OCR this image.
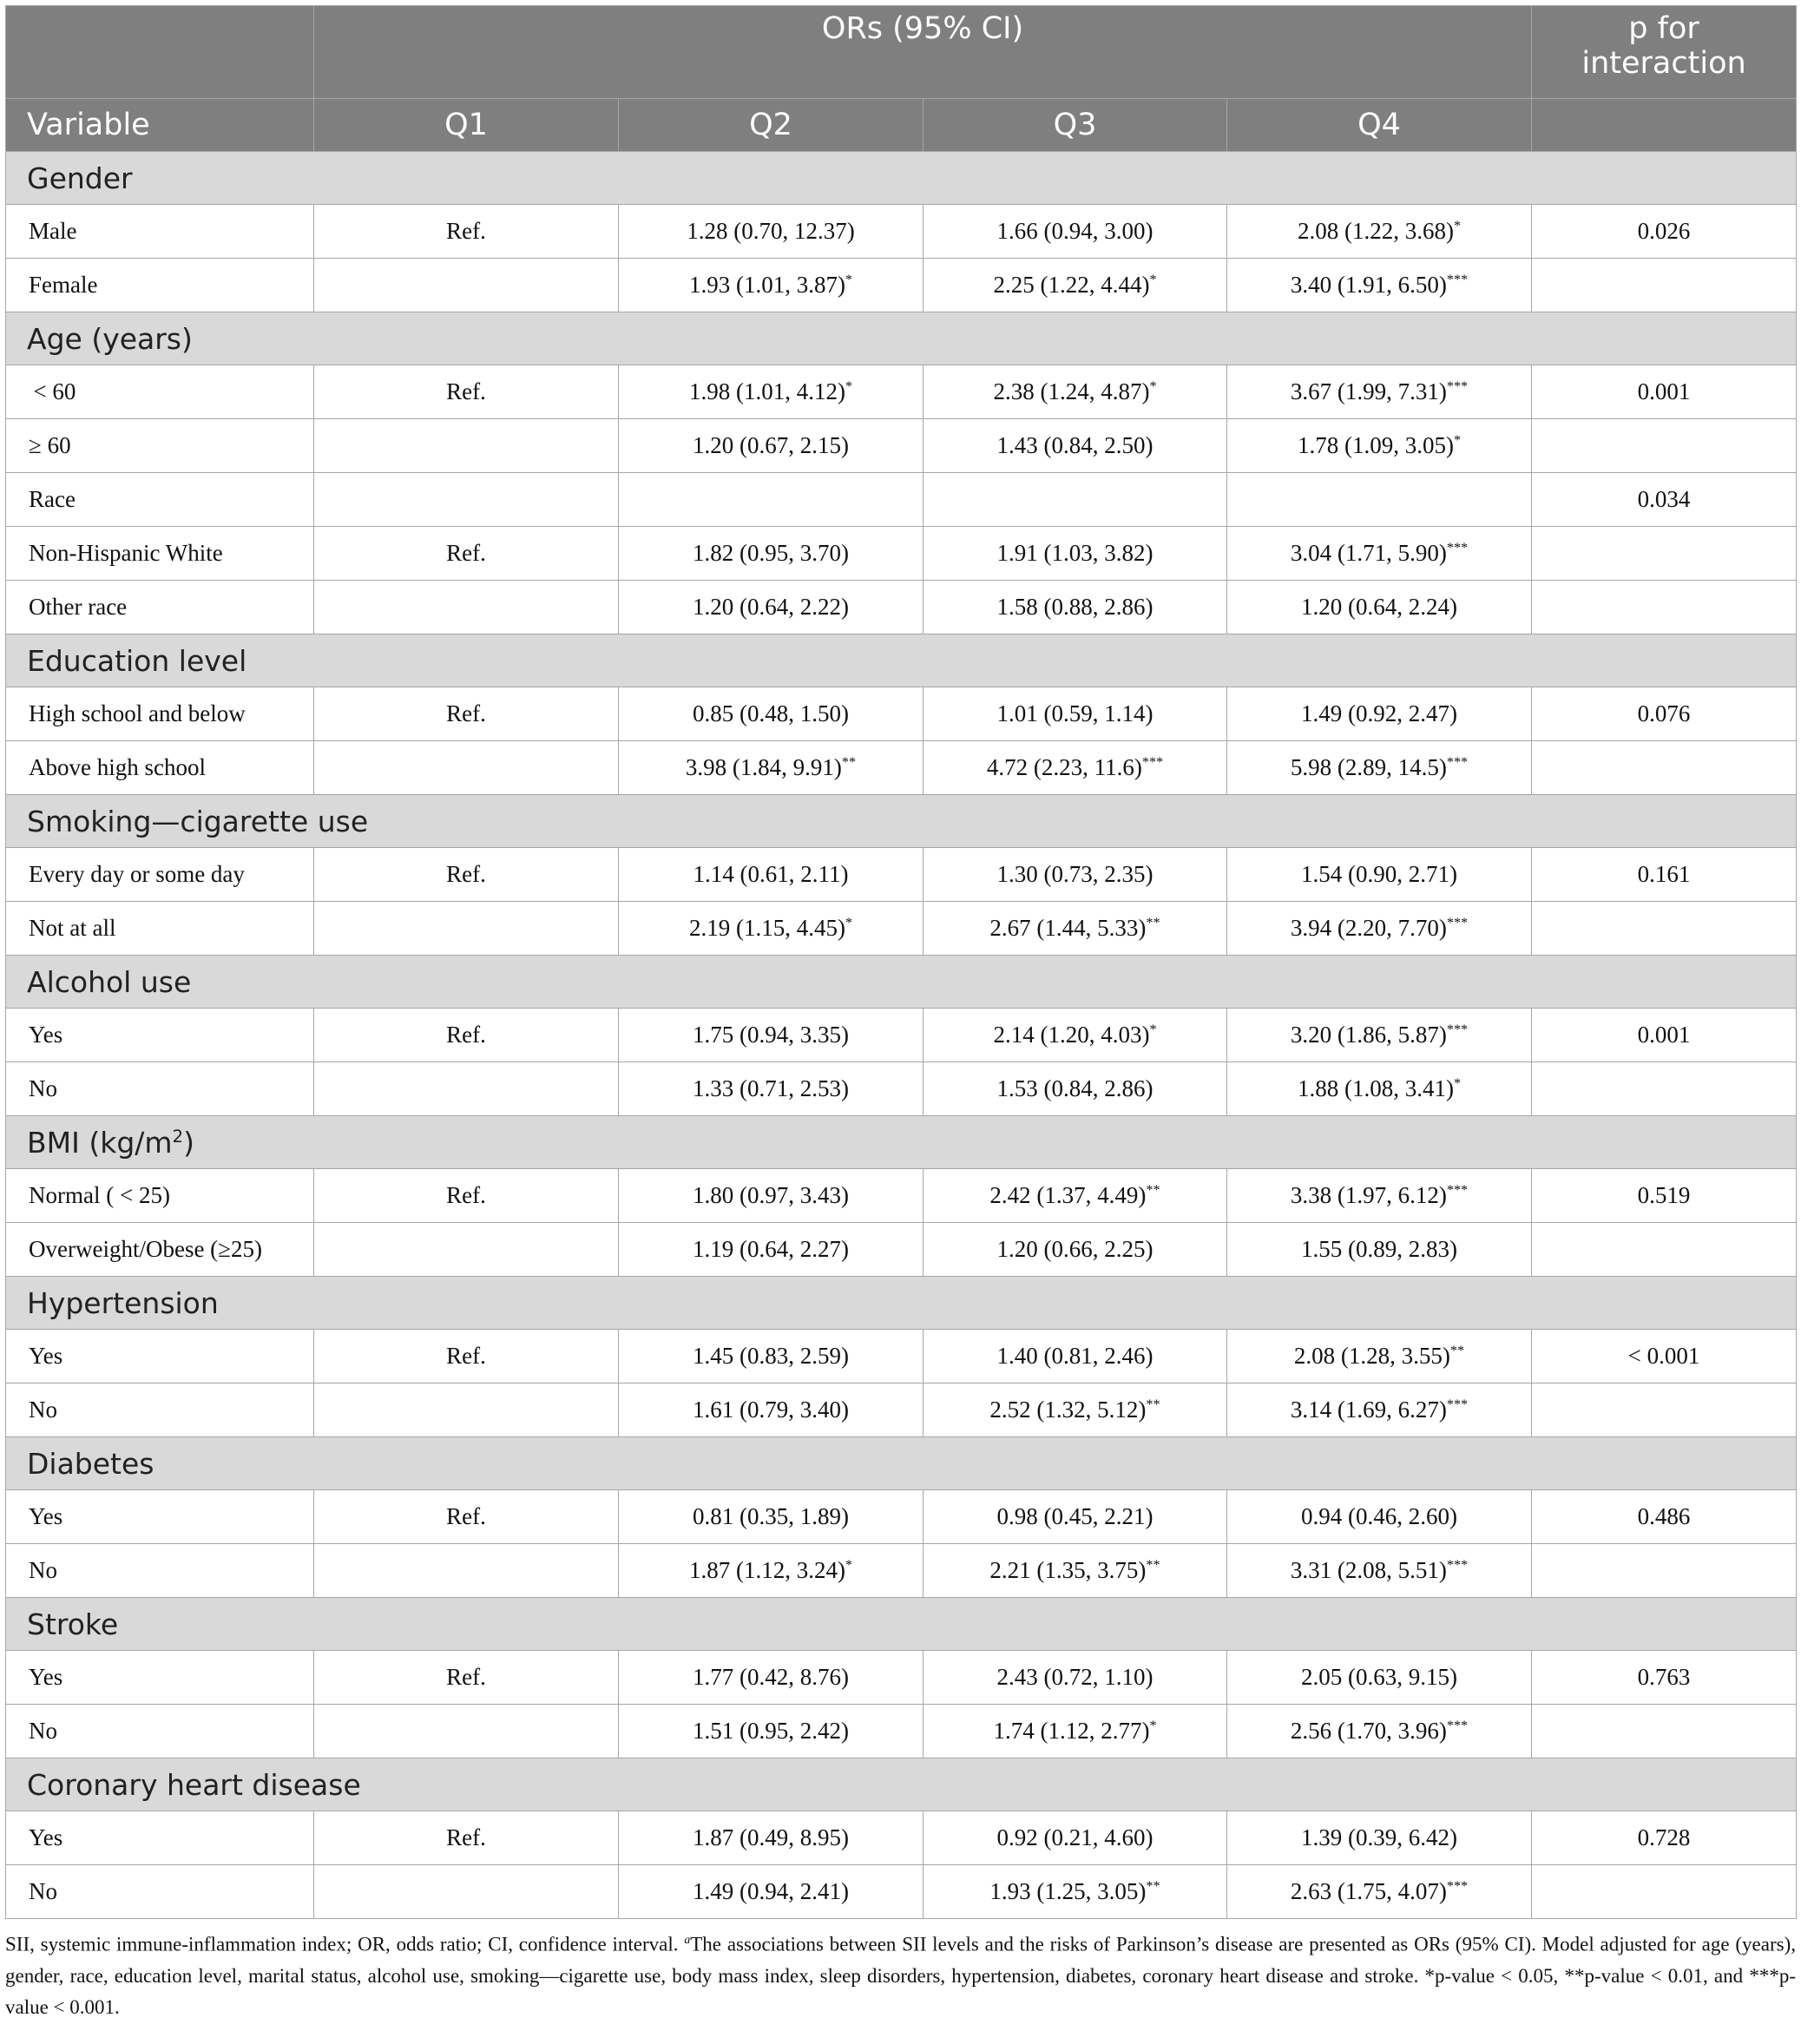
	ORs (95% CI)				p for
interaction
Variable	Q1	Q2	Q3	Q4	
Gender					
Male	Ref.	1.28 (0.70, 12.37)	1.66 (0.94, 3.00)	2.08 (1.22, 3.68)*	0.026
Female		1.93 (1.01, 3.87)*	2.25 (1.22, 4.44)*	3.40 (1.91, 6.50)***	
Age (years)					
 < 60	Ref.	1.98 (1.01, 4.12)*	2.38 (1.24, 4.87)*	3.67 (1.99, 7.31)***	0.001
≥ 60		1.20 (0.67, 2.15)	1.43 (0.84, 2.50)	1.78 (1.09, 3.05)*	
Race					0.034
Non-Hispanic White	Ref.	1.82 (0.95, 3.70)	1.91 (1.03, 3.82)	3.04 (1.71, 5.90)***	
Other race		1.20 (0.64, 2.22)	1.58 (0.88, 2.86)	1.20 (0.64, 2.24)	
Education level					
High school and below	Ref.	0.85 (0.48, 1.50)	1.01 (0.59, 1.14)	1.49 (0.92, 2.47)	0.076
Above high school		3.98 (1.84, 9.91)**	4.72 (2.23, 11.6)***	5.98 (2.89, 14.5)***	
Smoking—cigarette use					
Every day or some day	Ref.	1.14 (0.61, 2.11)	1.30 (0.73, 2.35)	1.54 (0.90, 2.71)	0.161
Not at all		2.19 (1.15, 4.45)*	2.67 (1.44, 5.33)**	3.94 (2.20, 7.70)***	
Alcohol use					
Yes	Ref.	1.75 (0.94, 3.35)	2.14 (1.20, 4.03)*	3.20 (1.86, 5.87)***	0.001
No		1.33 (0.71, 2.53)	1.53 (0.84, 2.86)	1.88 (1.08, 3.41)*	
BMI $(kg/m^2)$					
Normal ( < 25)	Ref.	1.80 (0.97, 3.43)	2.42 (1.37, 4.49)**	3.38 (1.97, 6.12)***	0.519
Overweight/Obese (≥25)		1.19 (0.64, 2.27)	1.20 (0.66, 2.25)	1.55 (0.89, 2.83)	
Hypertension					
Yes	Ref.	1.45 (0.83, 2.59)	1.40 (0.81, 2.46)	2.08 (1.28, 3.55)**	< 0.001
No		1.61 (0.79, 3.40)	2.52 (1.32, 5.12)**	3.14 (1.69, 6.27)***	
Diabetes					
Yes	Ref.	0.81 (0.35, 1.89)	0.98 (0.45, 2.21)	0.94 (0.46, 2.60)	0.486
No		1.87 (1.12, 3.24)*	2.21 (1.35, 3.75)**	3.31 (2.08, 5.51)***	
Stroke					
Yes	Ref.	1.77 (0.42, 8.76)	2.43 (0.72, 1.10)	2.05 (0.63, 9.15)	0.763
No		1.51 (0.95, 2.42)	1.74 (1.12, 2.77)*	2.56 (1.70, 3.96)***	
Coronary heart disease					
Yes	Ref.	1.87 (0.49, 8.95)	0.92 (0.21, 4.60)	1.39 (0.39, 6.42)	0.728
No		1.49 (0.94, 2.41)	1.93 (1.25, 3.05)**	2.63 (1.75, 4.07)***	
SII, systemic immune-inflammation index; OR, odds ratio; CI, confidence interval. $^a$The associations between SII levels and the risks of Parkinson’s disease are presented as ORs (95% CI). Model adjusted for age (years), gender, race, education level, marital status, alcohol use, smoking—cigarette use, body mass index, sleep disorders, hypertension, diabetes, coronary heart disease and stroke. *p-value < 0.05, **p-value < 0.01, and ***p-value < 0.001.
